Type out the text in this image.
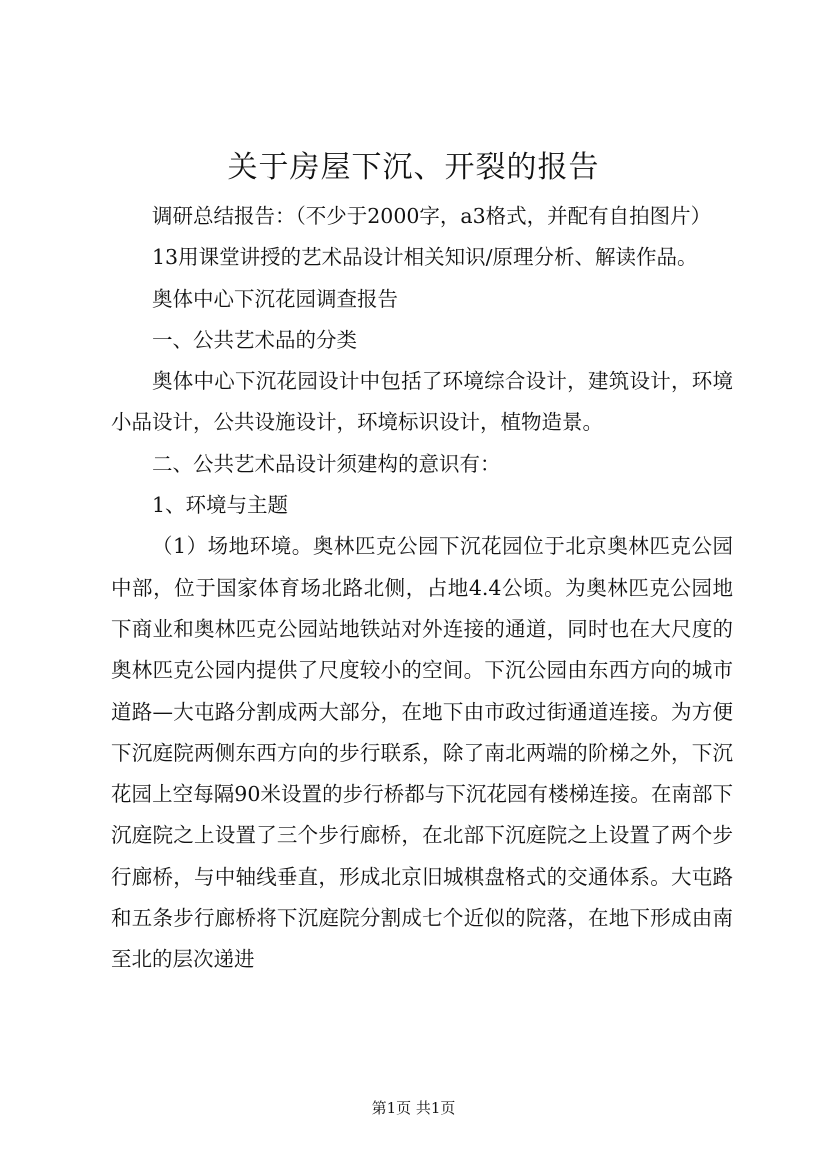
关于房屋下沉、开裂的报告

调研总结报告：（不少于2000字，a3格式，并配有自拍图片）

13用课堂讲授的艺术品设计相关知识/原理分析、解读作品。

奥体中心下沉花园调查报告

一、公共艺术品的分类

奥体中心下沉花园设计中包括了环境综合设计，建筑设计，环境小品设计，公共设施设计，环境标识设计，植物造景。

二、公共艺术品设计须建构的意识有：

1、环境与主题

（1）场地环境。奥林匹克公园下沉花园位于北京奥林匹克公园中部，位于国家体育场北路北侧，占地4.4公顷。为奥林匹克公园地下商业和奥林匹克公园站地铁站对外连接的通道，同时也在大尺度的奥林匹克公园内提供了尺度较小的空间。下沉公园由东西方向的城市道路—大屯路分割成两大部分，在地下由市政过街通道连接。为方便下沉庭院两侧东西方向的步行联系，除了南北两端的阶梯之外，下沉花园上空每隔90米设置的步行桥都与下沉花园有楼梯连接。在南部下沉庭院之上设置了三个步行廊桥，在北部下沉庭院之上设置了两个步行廊桥，与中轴线垂直，形成北京旧城棋盘格式的交通体系。大屯路和五条步行廊桥将下沉庭院分割成七个近似的院落，在地下形成由南至北的层次递进

第1页 共1页
